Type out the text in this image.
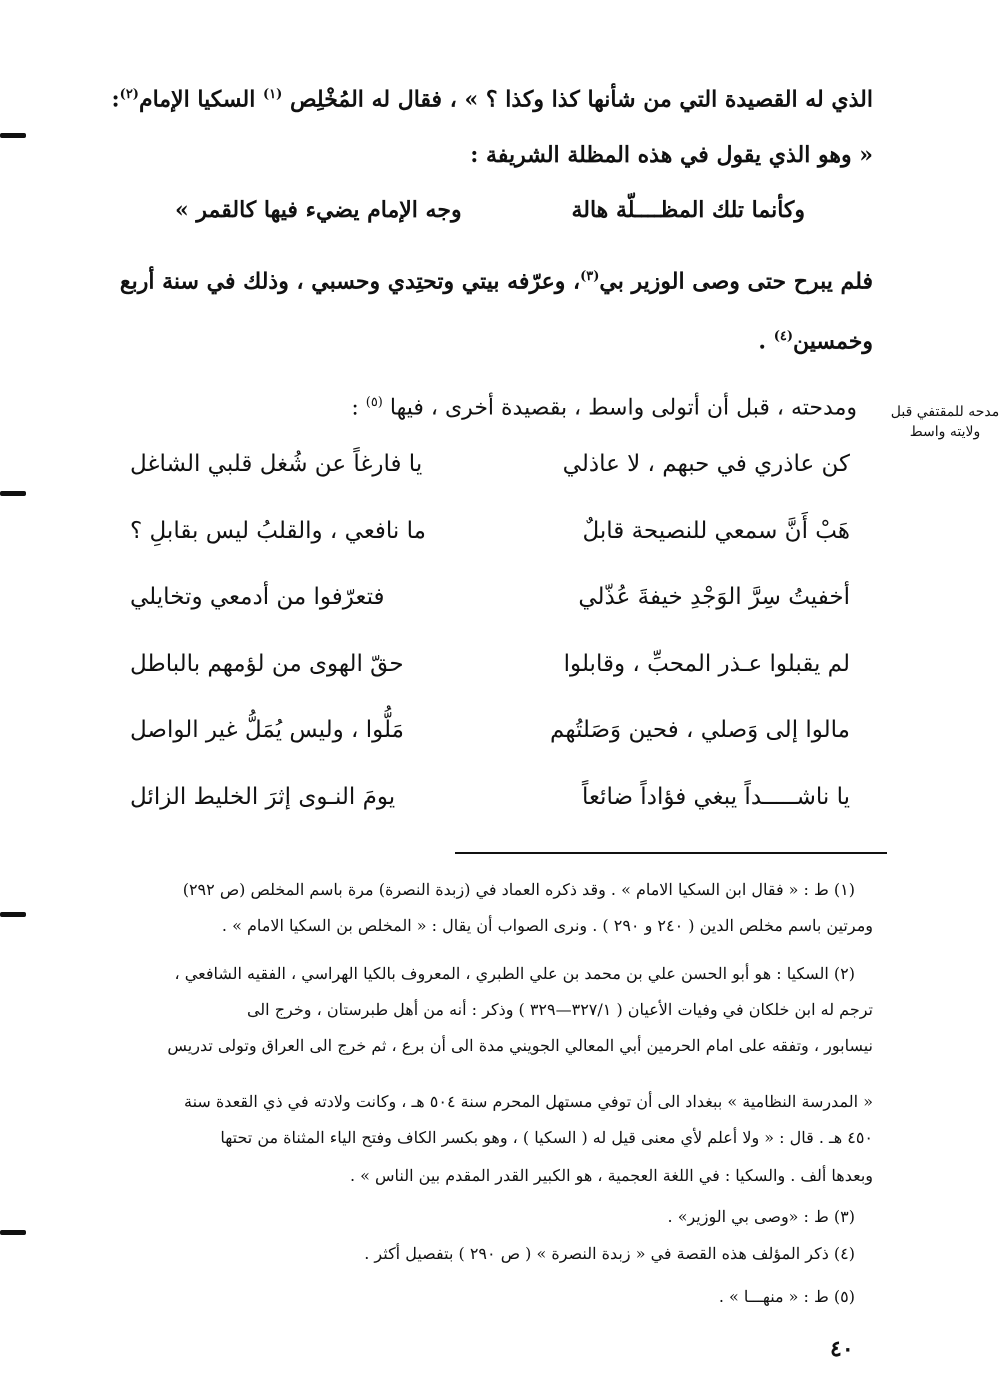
الذي له القصيدة التي من شأنها كذا وكذا ؟ » ، فقال له المُخْلِص $^{(١)}$ السكيا الإمام$^{(٢)}$:
« وهو الذي يقول في هذه المظلة الشريفة :
وكأنما تلك المظــــلّة هالة
وجه الإمام يضيء فيها كالقمر »
فلم يبرح حتى وصى الوزير بي$^{(٣)}$، وعرّفه بيتي وتحتِدي وحسبي ، وذلك في سنة أربع
وخمسين$^{(٤)}$ .
ومدحته ، قبل أن أتولى واسط ، بقصيدة أخرى ، فيها $^{(٥)}$ :	مدحه للمقتفي قبل ولايته واسط
كن عاذري في حبهم ، لا عاذلي
يا فارغاً عن شُغل قلبي الشاغل
هَبْ أَنَّ سمعي للنصيحة قابلٌ
ما نافعي ، والقلبُ ليس بقابلِ ؟
أخفيتُ سِرَّ الوَجْدِ خيفةَ عُذّلي
فتعرّفوا من أدمعي وتخايلي
لم يقبلوا عـذر المحبِّ ، وقابلوا
حقّ الهوى من لؤمهم بالباطل
مالوا إلى وَصلي ، فحين وَصَلتُهم
مَلُّوا ، وليس يُمَلُّ غير الواصل
يا ناشـــــداً يبغي فؤاداً ضائعاً
يومَ النـوى إثرَ الخليط الزائل
(١) ط : « فقال ابن السكيا الامام » . وقد ذكره العماد في (زبدة النصرة) مرة باسم المخلص (ص ٢٩٢)
ومرتين باسم مخلص الدين ( ٢٤٠ و ٢٩٠ ) . ونرى الصواب أن يقال : « المخلص بن السكيا الامام » .
(٢) السكيا : هو أبو الحسن علي بن محمد بن علي الطبري ، المعروف بالكيا الهراسي ، الفقيه الشافعي ،
ترجم له ابن خلكان في وفيات الأعيان ( ٣٢٧/١—٣٢٩ ) وذكر : أنه من أهل طبرستان ، وخرج الى
نيسابور ، وتفقه على امام الحرمين أبي المعالي الجويني مدة الى أن برع ، ثم خرج الى العراق وتولى تدريس
« المدرسة النظامية » ببغداد الى أن توفي مستهل المحرم سنة ٥٠٤ هـ ، وكانت ولادته في ذي القعدة سنة
٤٥٠ هـ . قال : « ولا أعلم لأي معنى قيل له ( السكيا ) ، وهو بكسر الكاف وفتح الياء المثناة من تحتها
وبعدها ألف . والسكيا : في اللغة العجمية ، هو الكبير القدر المقدم بين الناس » .
(٣) ط : «وصى بي الوزير» .
(٤) ذكر المؤلف هذه القصة في « زبدة النصرة » ( ص ٢٩٠ ) بتفصيل أكثر .
(٥) ط : « منهـــا » .
٤٠
